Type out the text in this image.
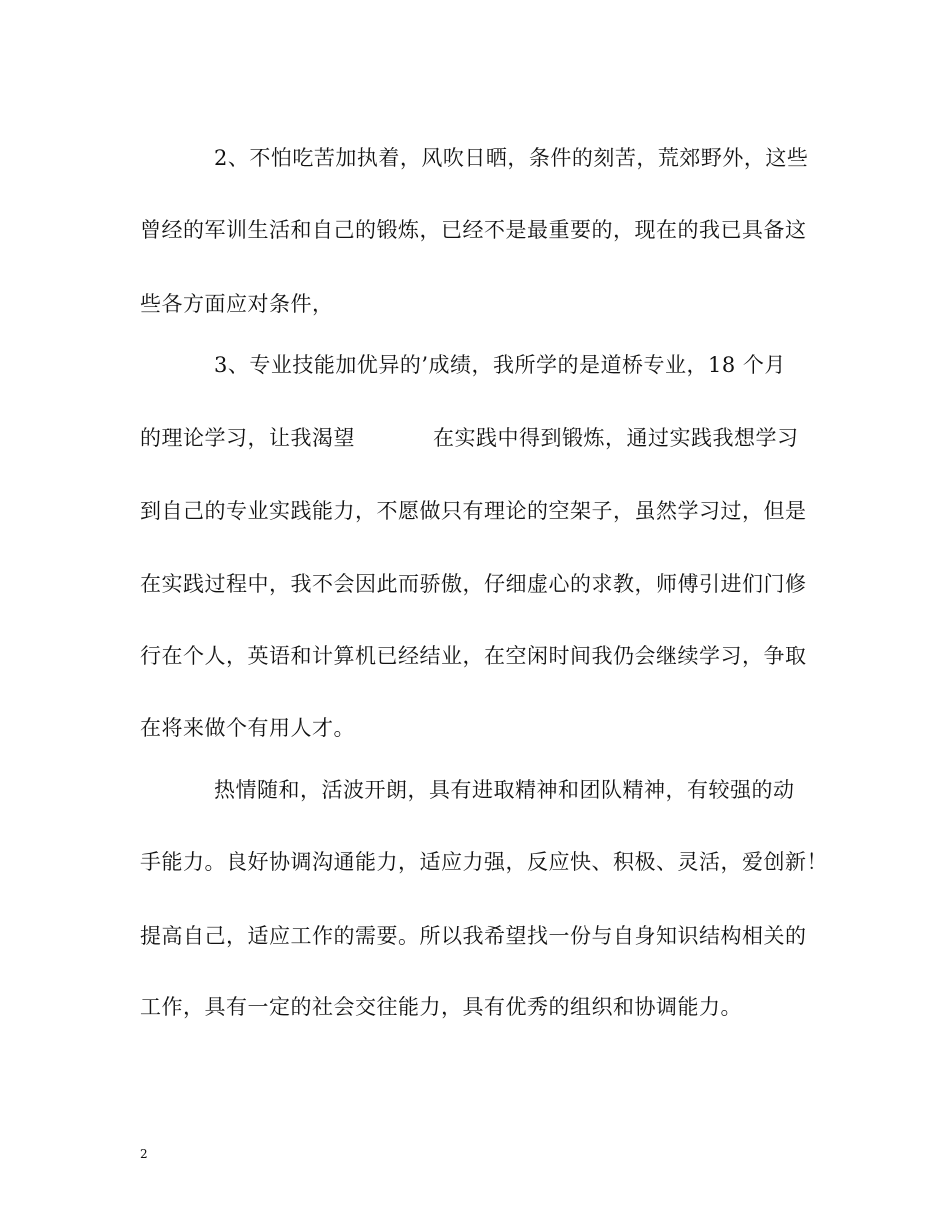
2、不怕吃苦加执着，风吹日晒，条件的刻苦，荒郊野外，这些
曾经的军训生活和自己的锻炼，已经不是最重要的，现在的我已具备这
些各方面应对条件，
3、专业技能加优异的’成绩，我所学的是道桥专业，18 个月
的理论学习，让我渴望	在实践中得到锻炼，通过实践我想学习
到自己的专业实践能力，不愿做只有理论的空架子，虽然学习过，但是
在实践过程中，我不会因此而骄傲，仔细虚心的求教，师傅引进们门修
行在个人，英语和计算机已经结业，在空闲时间我仍会继续学习，争取
在将来做个有用人才。
热情随和，活波开朗，具有进取精神和团队精神，有较强的动
手能力。良好协调沟通能力，适应力强，反应快、积极、灵活，爱创新！
提高自己，适应工作的需要。所以我希望找一份与自身知识结构相关的
工作，具有一定的社会交往能力，具有优秀的组织和协调能力。
2
